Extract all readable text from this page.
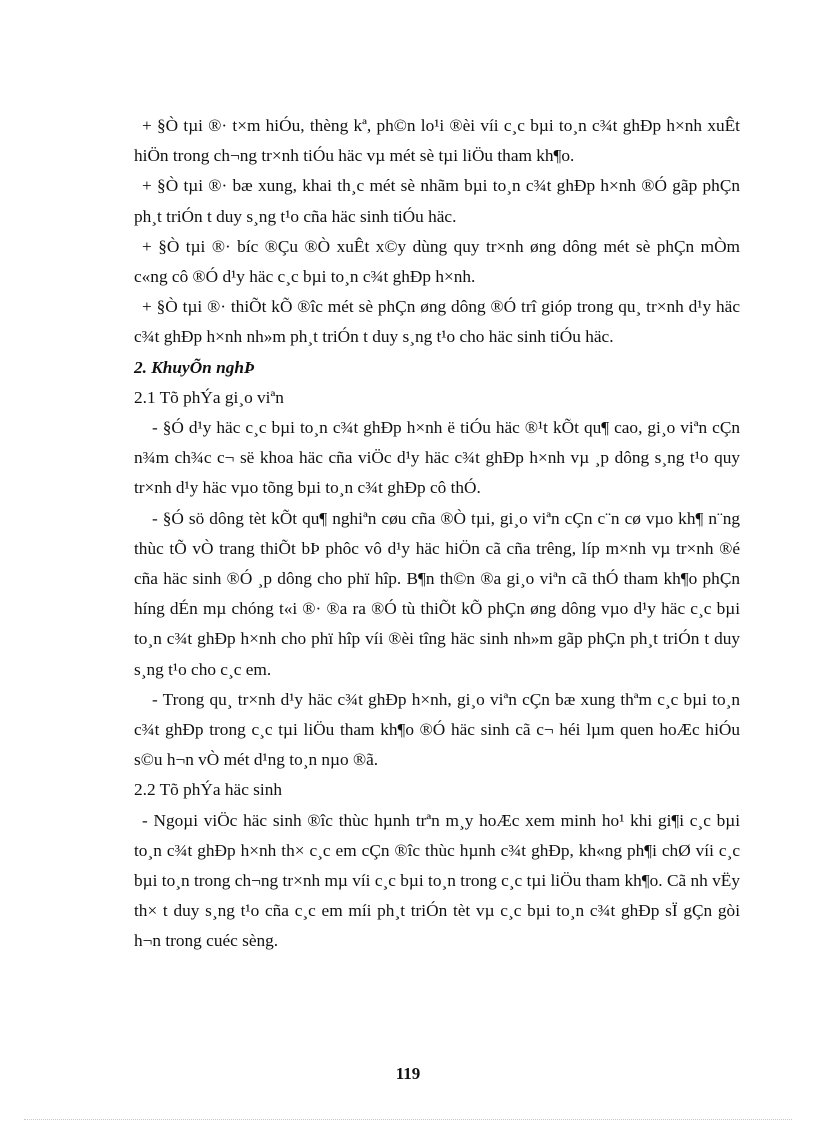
+ §Ò tµi ®· t×m hiÓu, thèng kª, ph©n lo¹i ®èi víi c¸c bµi to¸n c¾t ghÐp h×nh xuÊt hiÖn trong ch¬ng tr×nh tiÓu häc vµ mét sè tµi liÖu tham kh¶o.

+ §Ò tµi ®· bæ xung, khai th¸c mét sè nhãm bµi to¸n c¾t ghÐp h×nh ®Ó gãp phÇn ph¸t triÓn t duy s¸ng t¹o cña häc sinh tiÓu häc.

+ §Ò tµi ®· bíc ®Çu ®Ò xuÊt x©y dùng quy tr×nh øng dông mét sè phÇn mÒm c«ng cô ®Ó d¹y häc c¸c bµi to¸n c¾t ghÐp h×nh.

+ §Ò tµi ®· thiÕt kÕ ®îc mét sè phÇn øng dông ®Ó trî gióp trong qu¸ tr×nh d¹y häc c¾t ghÐp h×nh nh»m ph¸t triÓn t duy s¸ng t¹o cho häc sinh tiÓu häc.

2. KhuyÕn nghÞ

2.1 Tõ phÝa gi¸o viªn

- §Ó d¹y häc c¸c bµi to¸n c¾t ghÐp h×nh ë tiÓu häc ®¹t kÕt qu¶ cao, gi¸o viªn cÇn n¾m ch¾c c¬ së khoa häc cña viÖc d¹y häc c¾t ghÐp h×nh vµ ¸p dông s¸ng t¹o quy tr×nh d¹y häc vµo tõng bµi to¸n c¾t ghÐp cô thÓ.

- §Ó sö dông tèt kÕt qu¶ nghiªn cøu cña ®Ò tµi, gi¸o viªn cÇn c¨n cø vµo kh¶ n¨ng thùc tÕ vÒ trang thiÕt bÞ phôc vô d¹y häc hiÖn cã cña trêng, líp m×nh vµ tr×nh ®é cña häc sinh ®Ó ¸p dông cho phï hîp. B¶n th©n ®a gi¸o viªn cã thÓ tham kh¶o phÇn híng dÉn mµ chóng t«i ®· ®a ra ®Ó tù thiÕt kÕ phÇn øng dông vµo d¹y häc c¸c bµi to¸n c¾t ghÐp h×nh cho phï hîp víi ®èi tîng häc sinh nh»m gãp phÇn ph¸t triÓn t duy s¸ng t¹o cho c¸c em.

- Trong qu¸ tr×nh d¹y häc c¾t ghÐp h×nh, gi¸o viªn cÇn bæ xung thªm c¸c bµi to¸n c¾t ghÐp trong c¸c tµi liÖu tham kh¶o ®Ó häc sinh cã c¬ héi lµm quen hoÆc hiÓu s©u h¬n vÒ mét d¹ng to¸n nµo ®ã.

2.2 Tõ phÝa häc sinh

- Ngoµi viÖc häc sinh ®îc thùc hµnh trªn m¸y hoÆc xem minh ho¹ khi gi¶i c¸c bµi to¸n c¾t ghÐp h×nh th× c¸c em cÇn ®îc thùc hµnh c¾t ghÐp, kh«ng ph¶i chØ víi c¸c bµi to¸n trong ch¬ng tr×nh mµ víi c¸c bµi to¸n trong c¸c tµi liÖu tham kh¶o. Cã nh vËy th× t duy s¸ng t¹o cña c¸c em míi ph¸t triÓn tèt vµ c¸c bµi to¸n c¾t ghÐp sÏ gÇn gòi h¬n trong cuéc sèng.

119
